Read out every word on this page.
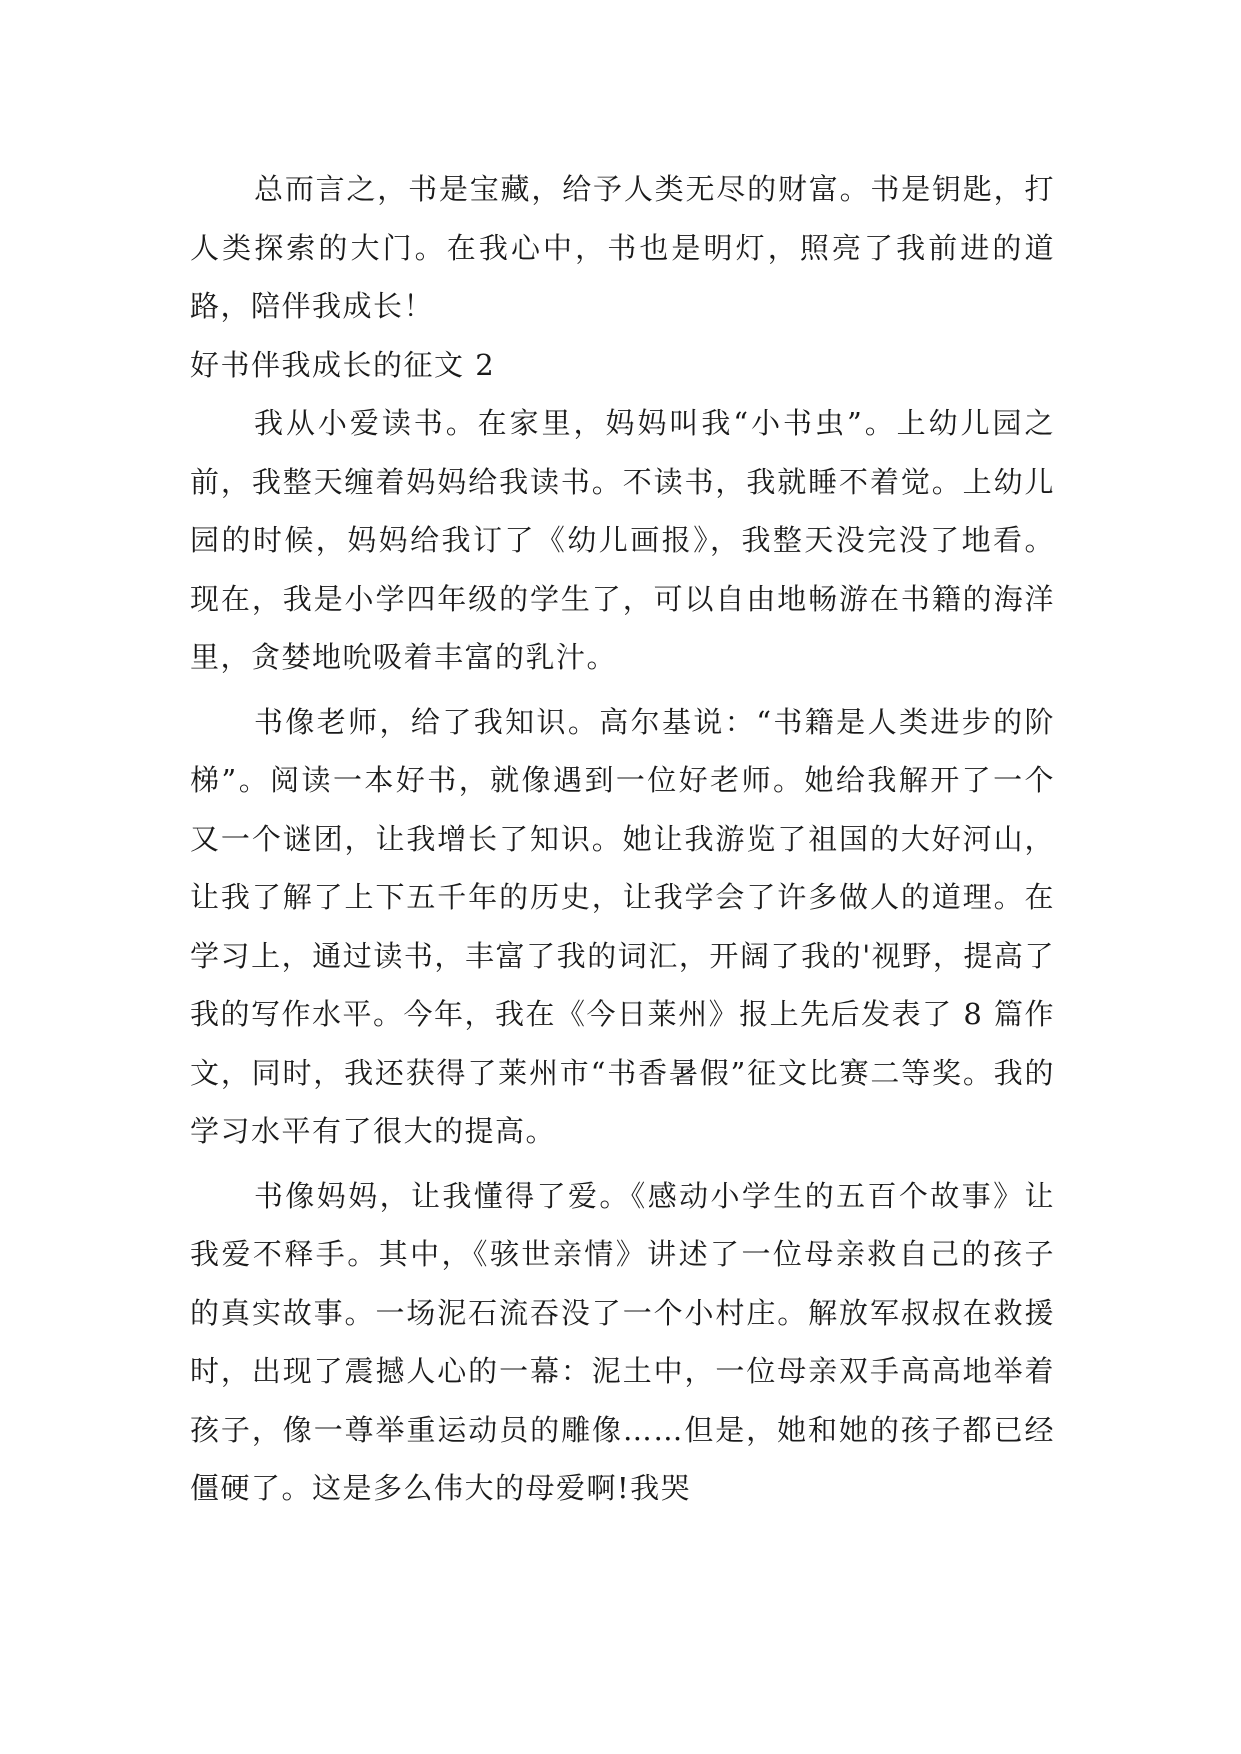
总而言之，书是宝藏，给予人类无尽的财富。书是钥匙，打人类探索的大门。在我心中，书也是明灯，照亮了我前进的道路，陪伴我成长！

好书伴我成长的征文 2

我从小爱读书。在家里，妈妈叫我“小书虫”。上幼儿园之前，我整天缠着妈妈给我读书。不读书，我就睡不着觉。上幼儿园的时候，妈妈给我订了《幼儿画报》，我整天没完没了地看。现在，我是小学四年级的学生了，可以自由地畅游在书籍的海洋里，贪婪地吮吸着丰富的乳汁。

书像老师，给了我知识。高尔基说：“书籍是人类进步的阶梯”。阅读一本好书，就像遇到一位好老师。她给我解开了一个又一个谜团，让我增长了知识。她让我游览了祖国的大好河山，让我了解了上下五千年的历史，让我学会了许多做人的道理。在学习上，通过读书，丰富了我的词汇，开阔了我的'视野，提高了我的写作水平。今年，我在《今日莱州》报上先后发表了 8 篇作文，同时，我还获得了莱州市“书香暑假”征文比赛二等奖。我的学习水平有了很大的提高。

书像妈妈，让我懂得了爱。《感动小学生的五百个故事》让我爱不释手。其中，《骇世亲情》讲述了一位母亲救自己的孩子的真实故事。一场泥石流吞没了一个小村庄。解放军叔叔在救援时，出现了震撼人心的一幕：泥土中，一位母亲双手高高地举着孩子，像一尊举重运动员的雕像……但是，她和她的孩子都已经僵硬了。这是多么伟大的母爱啊!我哭
